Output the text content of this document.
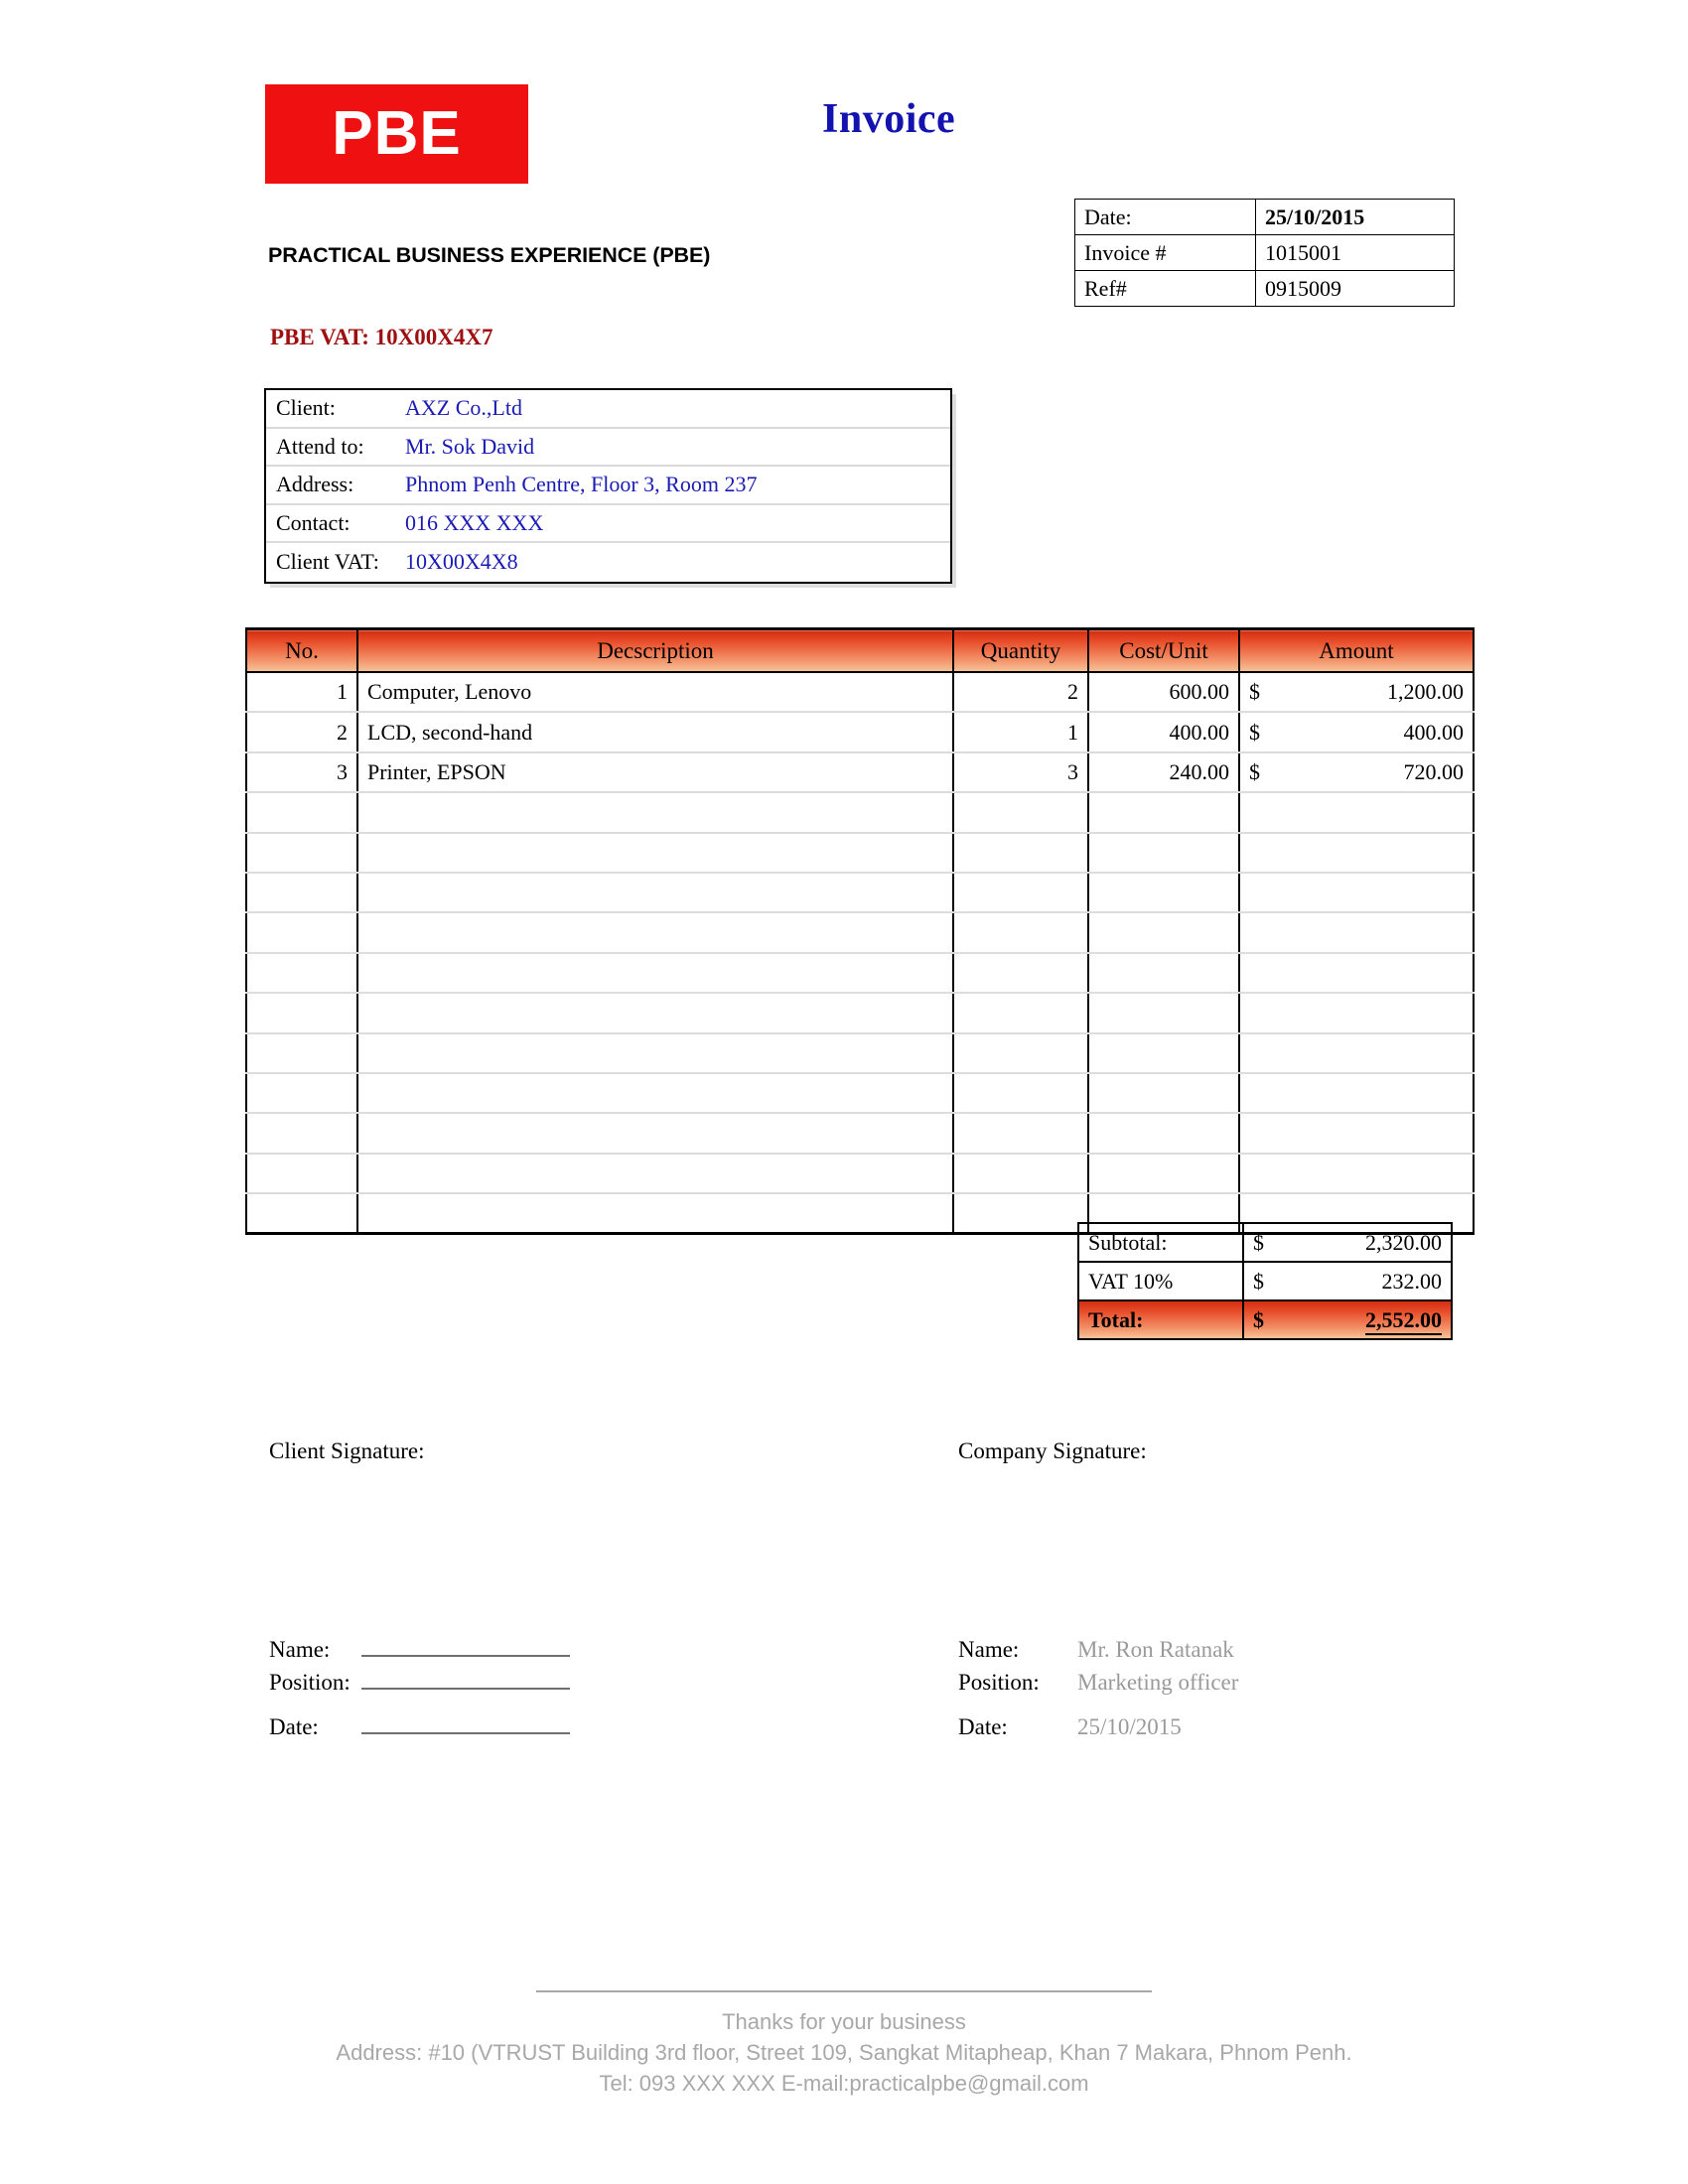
PBE
PRACTICAL BUSINESS EXPERIENCE (PBE)
PBE VAT: 10X00X4X7
Invoice
Date:	25/10/2015
Invoice #	1015001
Ref#	0915009
Client:	AXZ Co.,Ltd
Attend to:	Mr. Sok David
Address:	Phnom Penh Centre, Floor 3, Room 237
Contact:	016 XXX XXX
Client VAT:	10X00X4X8
No.	Decscription	Quantity	Cost/Unit	Amount	
1	Computer, Lenovo	2	600.00	$	1,200.00
2	LCD, second-hand	1	400.00	$	400.00
3	Printer, EPSON	3	240.00	$	720.00

Subtotal:	$	2,320.00
VAT 10%	$	232.00
Total:	$	2,552.00
Client Signature:	Company Signature:
Name:
Position:
Date:
Name:	Mr. Ron Ratanak
Position:	Marketing officer
Date:	25/10/2015
Thanks for your business
Address: #10 (VTRUST Building 3rd floor, Street 109, Sangkat Mitapheap, Khan 7 Makara, Phnom Penh.
Tel: 093 XXX XXX E-mail:practicalpbe@gmail.com
